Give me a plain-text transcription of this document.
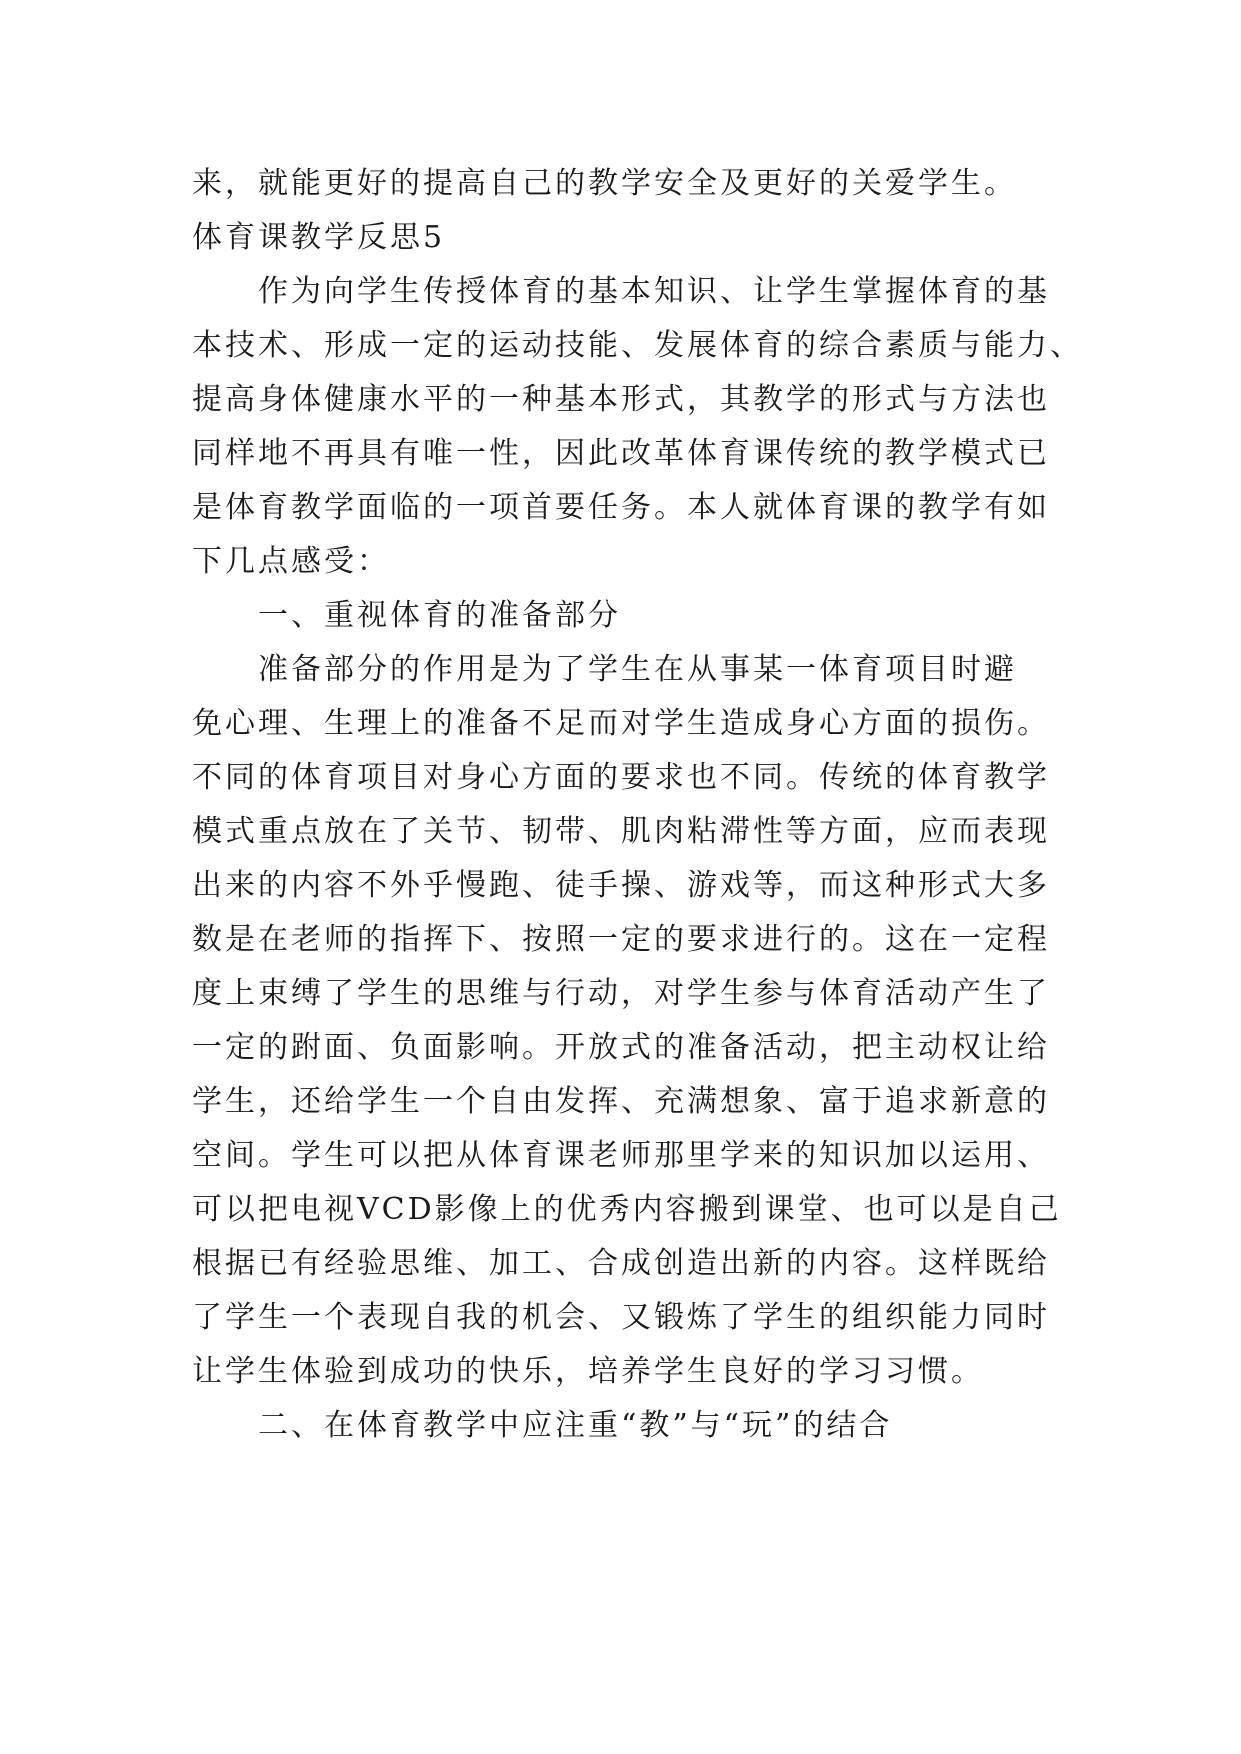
来，就能更好的提高自己的教学安全及更好的关爱学生。
体育课教学反思5
作为向学生传授体育的基本知识、让学生掌握体育的基
本技术、形成一定的运动技能、发展体育的综合素质与能力、
提高身体健康水平的一种基本形式，其教学的形式与方法也
同样地不再具有唯一性，因此改革体育课传统的教学模式已
是体育教学面临的一项首要任务。本人就体育课的教学有如
下几点感受：
一、重视体育的准备部分
准备部分的作用是为了学生在从事某一体育项目时避
免心理、生理上的准备不足而对学生造成身心方面的损伤。
不同的体育项目对身心方面的要求也不同。传统的体育教学
模式重点放在了关节、韧带、肌肉粘滞性等方面，应而表现
出来的内容不外乎慢跑、徒手操、游戏等，而这种形式大多
数是在老师的指挥下、按照一定的要求进行的。这在一定程
度上束缚了学生的思维与行动，对学生参与体育活动产生了
一定的跗面、负面影响。开放式的准备活动，把主动权让给
学生，还给学生一个自由发挥、充满想象、富于追求新意的
空间。学生可以把从体育课老师那里学来的知识加以运用、
可以把电视VCD影像上的优秀内容搬到课堂、也可以是自己
根据已有经验思维、加工、合成创造出新的内容。这样既给
了学生一个表现自我的机会、又锻炼了学生的组织能力同时
让学生体验到成功的快乐，培养学生良好的学习习惯。
二、在体育教学中应注重“教”与“玩”的结合
